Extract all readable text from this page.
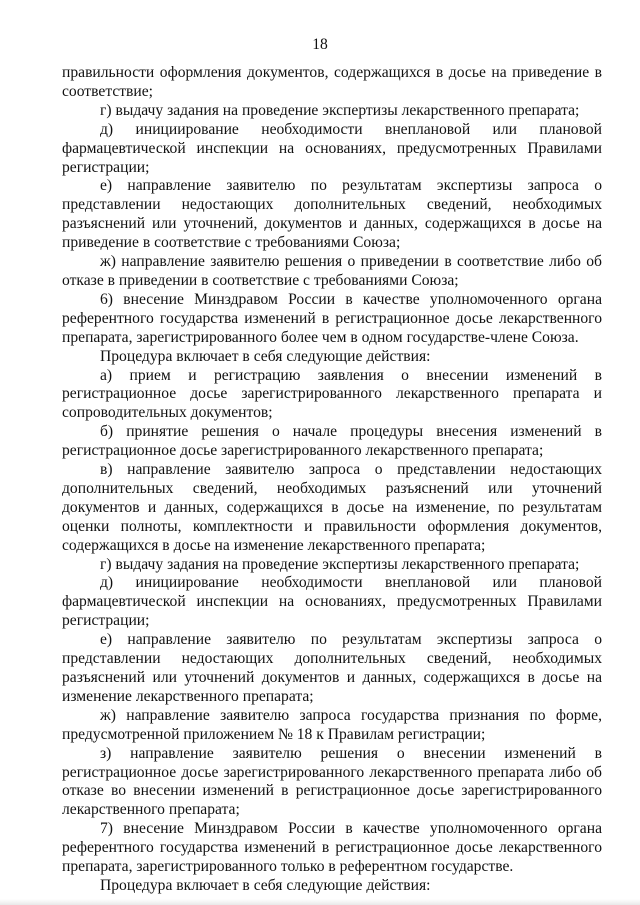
18

правильности оформления документов, содержащихся в досье на приведение в соответствие;

г) выдачу задания на проведение экспертизы лекарственного препарата;

д) инициирование необходимости внеплановой или плановой фармацевтической инспекции на основаниях, предусмотренных Правилами регистрации;

е) направление заявителю по результатам экспертизы запроса о представлении недостающих дополнительных сведений, необходимых разъяснений или уточнений, документов и данных, содержащихся в досье на приведение в соответствие с требованиями Союза;

ж) направление заявителю решения о приведении в соответствие либо об отказе в приведении в соответствие с требованиями Союза;

6) внесение Минздравом России в качестве уполномоченного органа референтного государства изменений в регистрационное досье лекарственного препарата, зарегистрированного более чем в одном государстве-члене Союза.

Процедура включает в себя следующие действия:

а) прием и регистрацию заявления о внесении изменений в регистрационное досье зарегистрированного лекарственного препарата и сопроводительных документов;

б) принятие решения о начале процедуры внесения изменений в регистрационное досье зарегистрированного лекарственного препарата;

в) направление заявителю запроса о представлении недостающих дополнительных сведений, необходимых разъяснений или уточнений документов и данных, содержащихся в досье на изменение, по результатам оценки полноты, комплектности и правильности оформления документов, содержащихся в досье на изменение лекарственного препарата;

г) выдачу задания на проведение экспертизы лекарственного препарата;

д) инициирование необходимости внеплановой или плановой фармацевтической инспекции на основаниях, предусмотренных Правилами регистрации;

е) направление заявителю по результатам экспертизы запроса о представлении недостающих дополнительных сведений, необходимых разъяснений или уточнений документов и данных, содержащихся в досье на изменение лекарственного препарата;

ж) направление заявителю запроса государства признания по форме, предусмотренной приложением № 18 к Правилам регистрации;

з) направление заявителю решения о внесении изменений в регистрационное досье зарегистрированного лекарственного препарата либо об отказе во внесении изменений в регистрационное досье зарегистрированного лекарственного препарата;

7) внесение Минздравом России в качестве уполномоченного органа референтного государства изменений в регистрационное досье лекарственного препарата, зарегистрированного только в референтном государстве.

Процедура включает в себя следующие действия:
